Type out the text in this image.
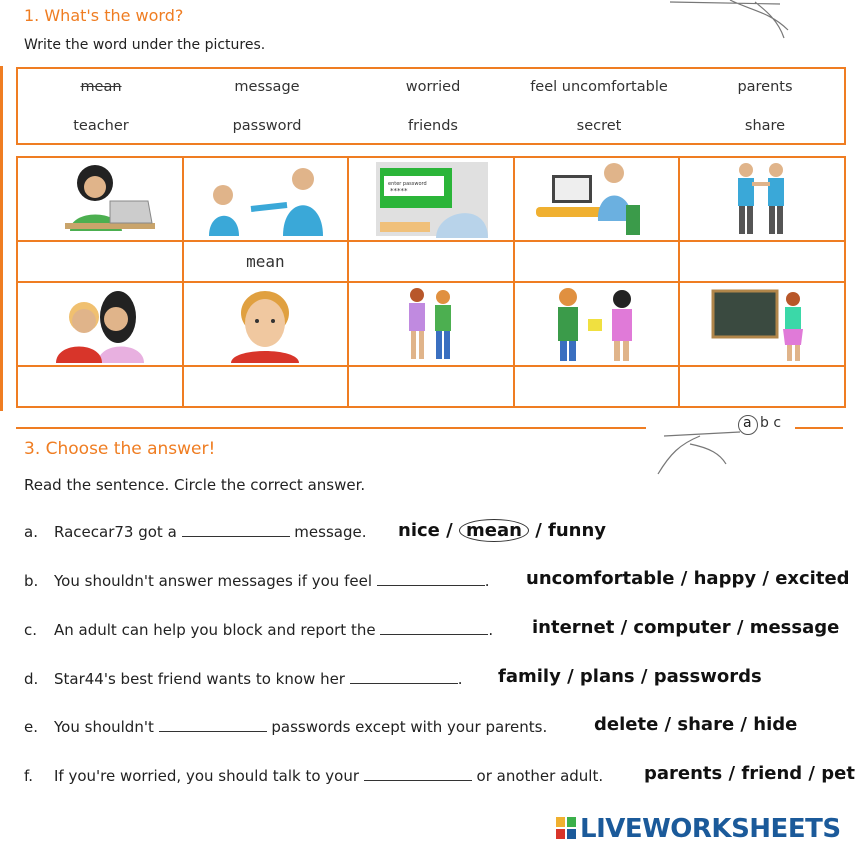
1. What's the word?
Write the word under the pictures.
mean	message	worried	feel uncomfortable	parents
teacher	password	friends	secret	share

enter password
*****

	mean			

a b c
3. Choose the answer!
Read the sentence. Circle the correct answer.
a. Racecar73 got a	message. nice / mean / funny
b. You shouldn't answer messages if you feel	. uncomfortable / happy / excited
c. An adult can help you block and report the	. internet / computer / message
d. Star44's best friend wants to know her	. family / plans / passwords
e. You shouldn't	passwords except with your parents.	delete / share / hide
f. If you're worried, you should talk to your	or another adult. parents / friend / pet
LIVEWORKSHEETS
